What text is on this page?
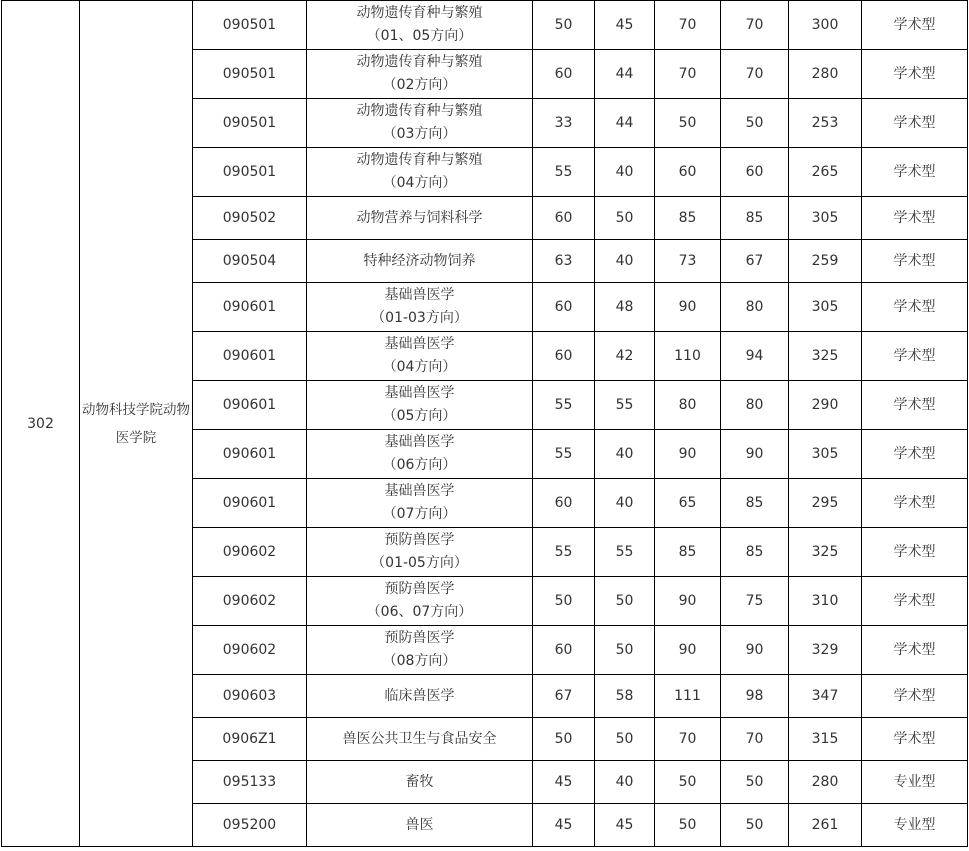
302	动物科技学院动物医学院	090501	动物遗传育种与繁殖
（01、05方向）	50	45	70	70	300	学术型
		090501	动物遗传育种与繁殖
（02方向）	60	44	70	70	280	学术型
		090501	动物遗传育种与繁殖
（03方向）	33	44	50	50	253	学术型
		090501	动物遗传育种与繁殖
（04方向）	55	40	60	60	265	学术型
		090502	动物营养与饲料科学	60	50	85	85	305	学术型
		090504	特种经济动物饲养	63	40	73	67	259	学术型
		090601	基础兽医学
（01-03方向）	60	48	90	80	305	学术型
		090601	基础兽医学
（04方向）	60	42	110	94	325	学术型
		090601	基础兽医学
（05方向）	55	55	80	80	290	学术型
		090601	基础兽医学
（06方向）	55	40	90	90	305	学术型
		090601	基础兽医学
（07方向）	60	40	65	85	295	学术型
		090602	预防兽医学
（01-05方向）	55	55	85	85	325	学术型
		090602	预防兽医学
（06、07方向）	50	50	90	75	310	学术型
		090602	预防兽医学
（08方向）	60	50	90	90	329	学术型
		090603	临床兽医学	67	58	111	98	347	学术型
		0906Z1	兽医公共卫生与食品安全	50	50	70	70	315	学术型
		095133	畜牧	45	40	50	50	280	专业型
		095200	兽医	45	45	50	50	261	专业型
